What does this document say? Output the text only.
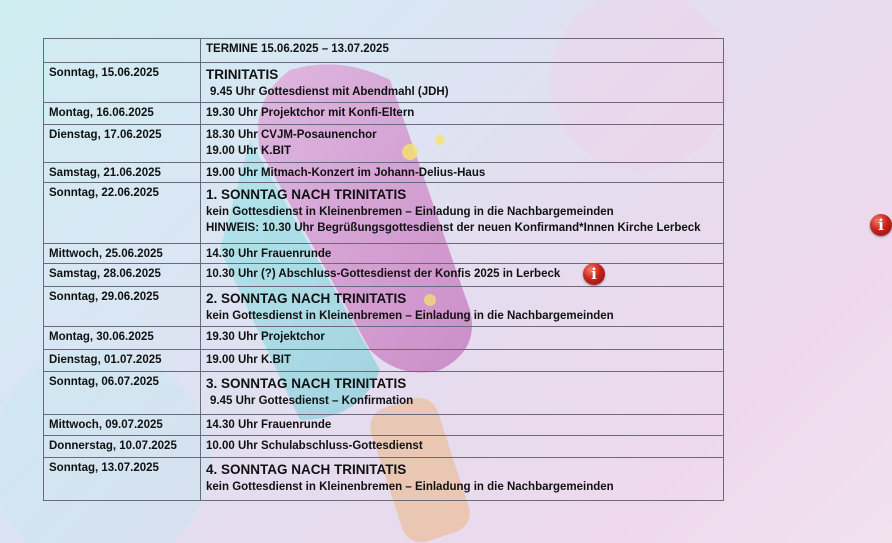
	TERMINE 15.06.2025 – 13.07.2025
Sonntag, 15.06.2025	TRINITATIS
9.45 Uhr Gottesdienst mit Abendmahl (JDH)

Montag, 16.06.2025	19.30 Uhr Projektchor mit Konfi-Eltern

Dienstag, 17.06.2025	18.30 Uhr CVJM-Posaunenchor
19.00 Uhr K.BIT

Samstag, 21.06.2025	19.00 Uhr Mitmach-Konzert im Johann-Delius-Haus

Sonntag, 22.06.2025	1. SONNTAG NACH TRINITATIS
kein Gottesdienst in Kleinenbremen – Einladung in die Nachbargemeinden
HINWEIS: 10.30 Uhr Begrüßungsgottesdienst der neuen Konfirmand*Innen Kirche Lerbeck i

Mittwoch, 25.06.2025	14.30 Uhr Frauenrunde

Samstag, 28.06.2025	10.30 Uhr (?) Abschluss-Gottesdienst der Konfis 2025 in Lerbeck i

Sonntag, 29.06.2025	2. SONNTAG NACH TRINITATIS
kein Gottesdienst in Kleinenbremen – Einladung in die Nachbargemeinden

Montag, 30.06.2025	19.30 Uhr Projektchor

Dienstag, 01.07.2025	19.00 Uhr K.BIT

Sonntag, 06.07.2025	3. SONNTAG NACH TRINITATIS
9.45 Uhr Gottesdienst – Konfirmation

Mittwoch, 09.07.2025	14.30 Uhr Frauenrunde

Donnerstag, 10.07.2025	10.00 Uhr Schulabschluss-Gottesdienst

Sonntag, 13.07.2025	4. SONNTAG NACH TRINITATIS
kein Gottesdienst in Kleinenbremen – Einladung in die Nachbargemeinden
